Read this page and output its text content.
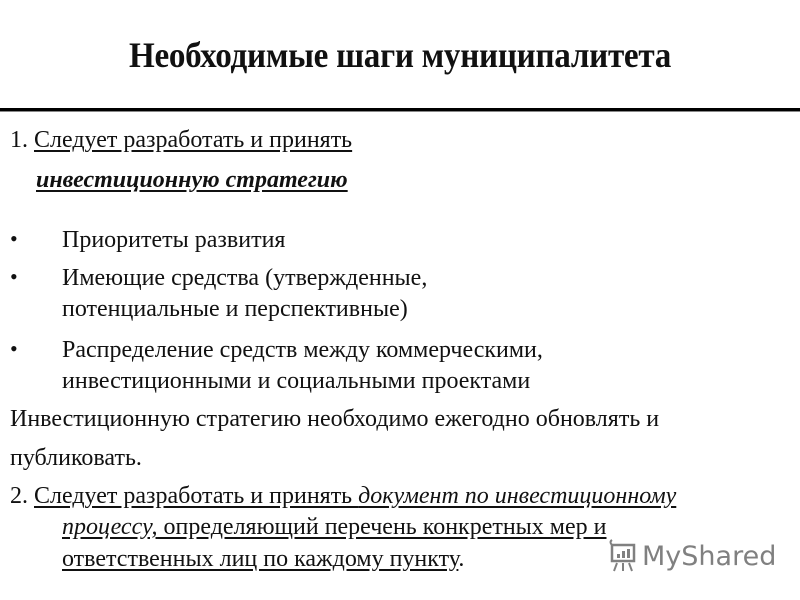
Необходимые шаги муниципалитета
1. Следует разработать и принять
инвестиционную стратегию
• Приоритеты развития
• Имеющие средства (утвержденные,
потенциальные и перспективные)
• Распределение средств между коммерческими,
инвестиционными и социальными проектами
Инвестиционную стратегию необходимо ежегодно обновлять и
публиковать.
2. Следует разработать и принять документ по инвестиционному
процессу, определяющий перечень конкретных мер и
ответственных лиц по каждому пункту.	MyShared
